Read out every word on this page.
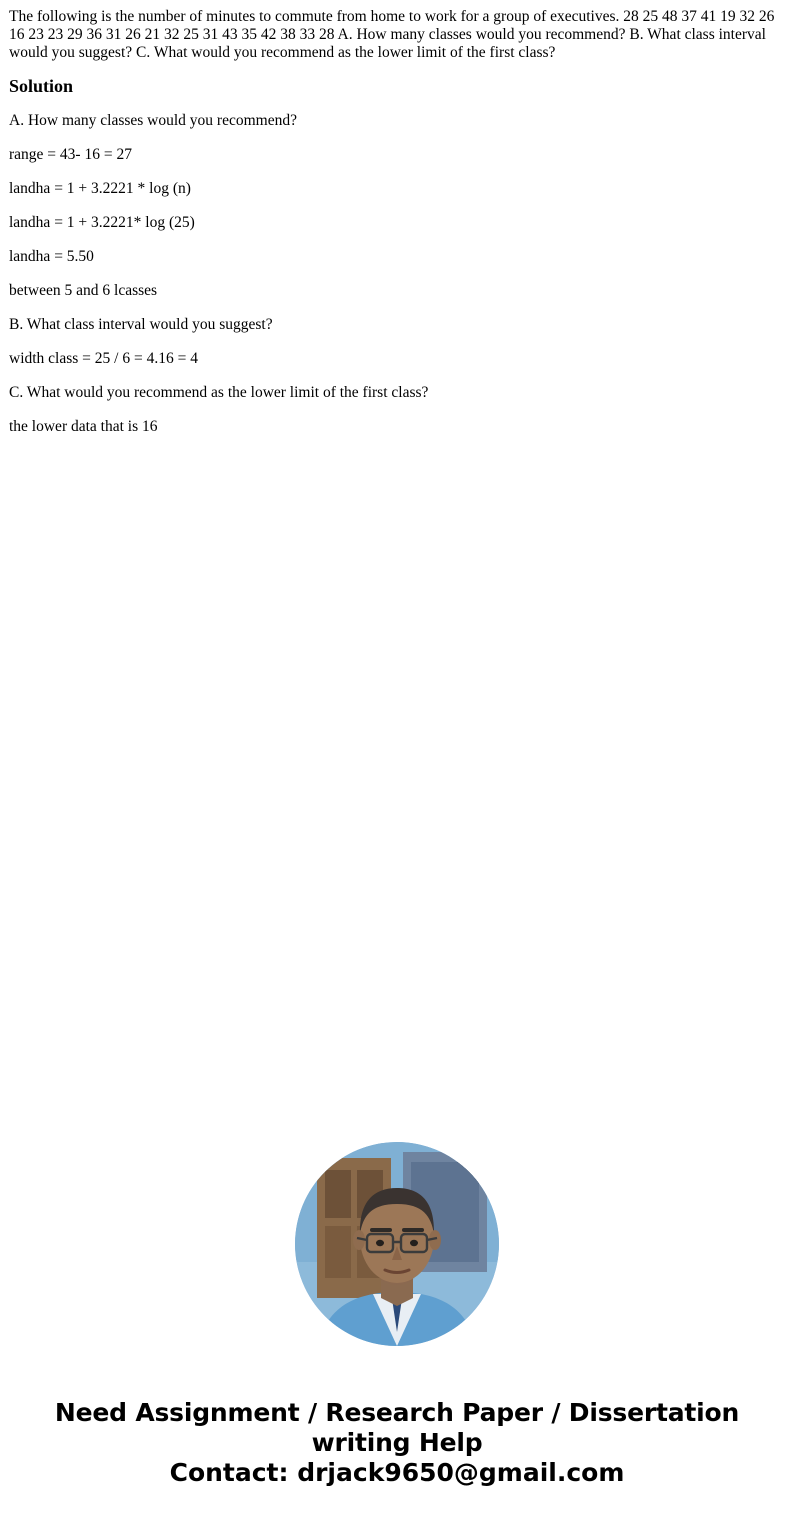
The following is the number of minutes to commute from home to work for a group of executives. 28 25 48 37 41 19 32 26 16 23 23 29 36 31 26 21 32 25 31 43 35 42 38 33 28 A. How many classes would you recommend? B. What class interval would you suggest? C. What would you recommend as the lower limit of the first class?

Solution

A. How many classes would you recommend?

range = 43- 16 = 27

landha = 1 + 3.2221 * log (n)

landha = 1 + 3.2221* log (25)

landha = 5.50

between 5 and 6 lcasses

B. What class interval would you suggest?

width class = 25 / 6 = 4.16 = 4

C. What would you recommend as the lower limit of the first class?

the lower data that is 16

Need Assignment / Research Paper / Dissertation
writing Help
Contact: drjack9650@gmail.com
